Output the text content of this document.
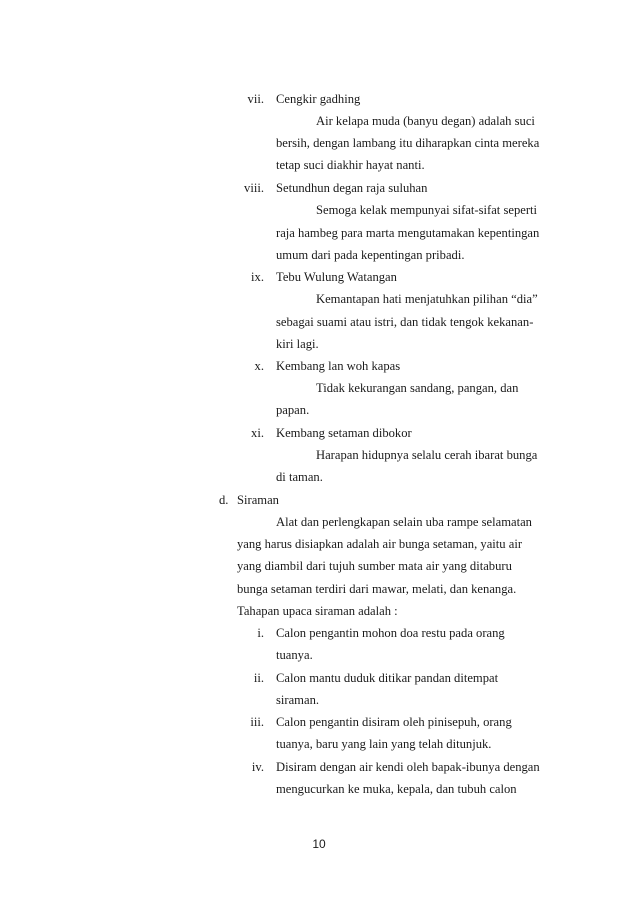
vii. Cengkir gadhing
Air kelapa muda (banyu degan) adalah suci
bersih, dengan lambang itu diharapkan cinta mereka
tetap suci diakhir hayat nanti.
viii. Setundhun degan raja suluhan
Semoga kelak mempunyai sifat-sifat seperti
raja hambeg para marta mengutamakan kepentingan
umum dari pada kepentingan pribadi.
ix. Tebu Wulung Watangan
Kemantapan hati menjatuhkan pilihan “dia”
sebagai suami atau istri, dan tidak tengok kekanan-
kiri lagi.
x. Kembang lan woh kapas
Tidak kekurangan sandang, pangan, dan
papan.
xi. Kembang setaman dibokor
Harapan hidupnya selalu cerah ibarat bunga
di taman.
d. Siraman
Alat dan perlengkapan selain uba rampe selamatan
yang harus disiapkan adalah air bunga setaman, yaitu air
yang diambil dari tujuh sumber mata air yang ditaburu
bunga setaman terdiri dari mawar, melati, dan kenanga.
Tahapan upaca siraman adalah :
i. Calon pengantin mohon doa restu pada orang
tuanya.
ii. Calon mantu duduk ditikar pandan ditempat
siraman.
iii. Calon pengantin disiram oleh pinisepuh, orang
tuanya, baru yang lain yang telah ditunjuk.
iv. Disiram dengan air kendi oleh bapak-ibunya dengan
mengucurkan ke muka, kepala, dan tubuh calon
10
